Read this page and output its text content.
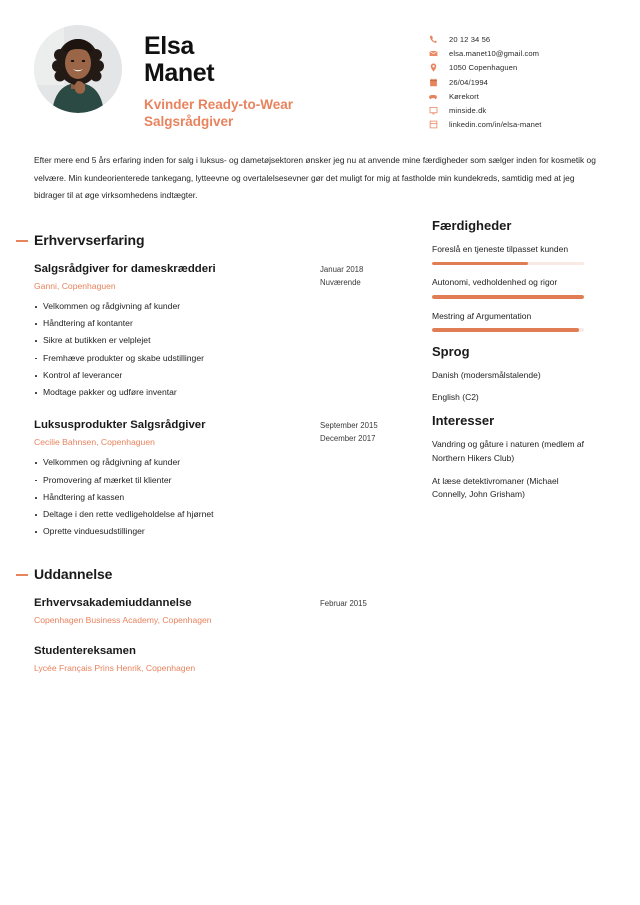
Elsa
Manet
Kvinder Ready-to-Wear
Salgsrådgiver
20 12 34 56
elsa.manet10@gmail.com
1050 Copenhaguen
26/04/1994
Kørekort
minside.dk
linkedin.com/in/elsa-manet
Efter mere end 5 års erfaring inden for salg i luksus- og dametøjsektoren ønsker jeg nu at anvende mine færdigheder som sælger inden for kosmetik og velvære. Min kundeorienterede tankegang, lytteevne og overtalelsesevner gør det muligt for mig at fastholde min kundekreds, samtidig med at jeg bidrager til at øge virksomhedens indtægter.
Erhvervserfaring
Salgsrådgiver for dameskrædderi
Ganni, Copenhaguen
Velkommen og rådgivning af kunder
Håndtering af kontanter
Sikre at butikken er velplejet
Fremhæve produkter og skabe udstillinger
Kontrol af leverancer
Modtage pakker og udføre inventar
Januar 2018
Nuværende
Luksusprodukter Salgsrådgiver
Cecilie Bahnsen, Copenhaguen
Velkommen og rådgivning af kunder
Promovering af mærket til klienter
Håndtering af kassen
Deltage i den rette vedligeholdelse af hjørnet
Oprette vinduesudstillinger
September 2015
December 2017
Uddannelse
Erhvervsakademiuddannelse
Copenhagen Business Academy, Copenhagen
Februar 2015
Studentereksamen
Lycée Français Prins Henrik, Copenhagen
Færdigheder
Foreslå en tjeneste tilpasset kunden
Autonomi, vedholdenhed og rigor
Mestring af Argumentation
Sprog
Danish (modersmålstalende)
English (C2)
Interesser
Vandring og gåture i naturen (medlem af Northern Hikers Club)
At læse detektivromaner (Michael Connelly, John Grisham)
